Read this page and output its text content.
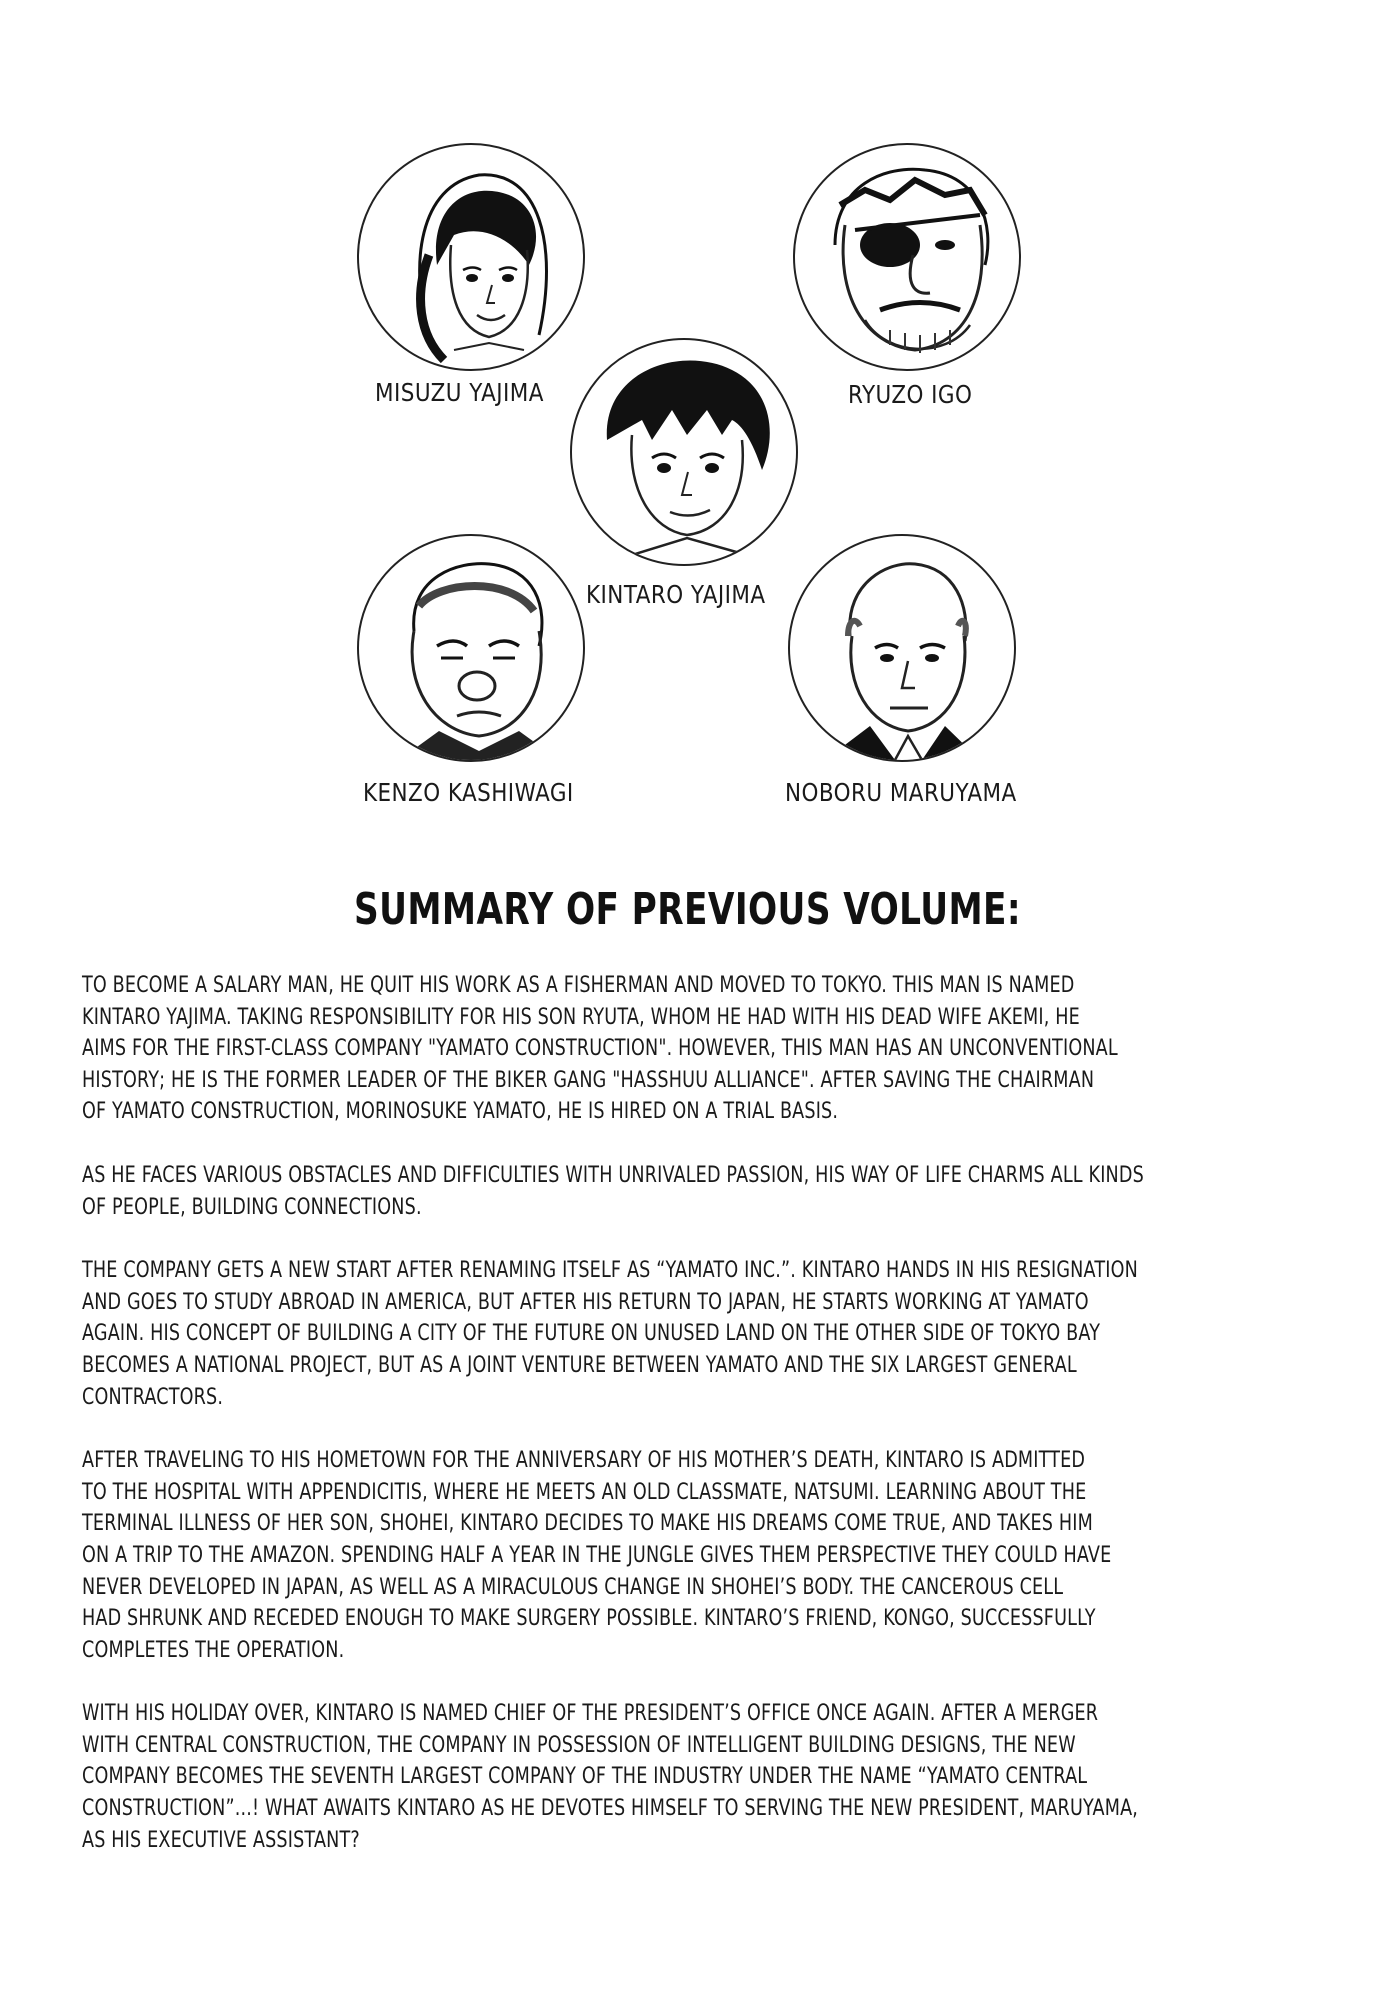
MISUZU YAJIMA	RYUZO IGO
KINTARO YAJIMA
KENZO KASHIWAGI	NOBORU MARUYAMA
SUMMARY OF PREVIOUS VOLUME:

TO BECOME A SALARY MAN, HE QUIT HIS WORK AS A FISHERMAN AND MOVED TO TOKYO. THIS MAN IS NAMED
KINTARO YAJIMA. TAKING RESPONSIBILITY FOR HIS SON RYUTA, WHOM HE HAD WITH HIS DEAD WIFE AKEMI, HE
AIMS FOR THE FIRST-CLASS COMPANY "YAMATO CONSTRUCTION". HOWEVER, THIS MAN HAS AN UNCONVENTIONAL
HISTORY; HE IS THE FORMER LEADER OF THE BIKER GANG "HASSHUU ALLIANCE". AFTER SAVING THE CHAIRMAN
OF YAMATO CONSTRUCTION, MORINOSUKE YAMATO, HE IS HIRED ON A TRIAL BASIS.

AS HE FACES VARIOUS OBSTACLES AND DIFFICULTIES WITH UNRIVALED PASSION, HIS WAY OF LIFE CHARMS ALL KINDS
OF PEOPLE, BUILDING CONNECTIONS.

THE COMPANY GETS A NEW START AFTER RENAMING ITSELF AS “YAMATO INC.”. KINTARO HANDS IN HIS RESIGNATION
AND GOES TO STUDY ABROAD IN AMERICA, BUT AFTER HIS RETURN TO JAPAN, HE STARTS WORKING AT YAMATO
AGAIN. HIS CONCEPT OF BUILDING A CITY OF THE FUTURE ON UNUSED LAND ON THE OTHER SIDE OF TOKYO BAY
BECOMES A NATIONAL PROJECT, BUT AS A JOINT VENTURE BETWEEN YAMATO AND THE SIX LARGEST GENERAL
CONTRACTORS.

AFTER TRAVELING TO HIS HOMETOWN FOR THE ANNIVERSARY OF HIS MOTHER’S DEATH, KINTARO IS ADMITTED
TO THE HOSPITAL WITH APPENDICITIS, WHERE HE MEETS AN OLD CLASSMATE, NATSUMI. LEARNING ABOUT THE
TERMINAL ILLNESS OF HER SON, SHOHEI, KINTARO DECIDES TO MAKE HIS DREAMS COME TRUE, AND TAKES HIM
ON A TRIP TO THE AMAZON. SPENDING HALF A YEAR IN THE JUNGLE GIVES THEM PERSPECTIVE THEY COULD HAVE
NEVER DEVELOPED IN JAPAN, AS WELL AS A MIRACULOUS CHANGE IN SHOHEI’S BODY. THE CANCEROUS CELL
HAD SHRUNK AND RECEDED ENOUGH TO MAKE SURGERY POSSIBLE. KINTARO’S FRIEND, KONGO, SUCCESSFULLY
COMPLETES THE OPERATION.

WITH HIS HOLIDAY OVER, KINTARO IS NAMED CHIEF OF THE PRESIDENT’S OFFICE ONCE AGAIN. AFTER A MERGER
WITH CENTRAL CONSTRUCTION, THE COMPANY IN POSSESSION OF INTELLIGENT BUILDING DESIGNS, THE NEW
COMPANY BECOMES THE SEVENTH LARGEST COMPANY OF THE INDUSTRY UNDER THE NAME “YAMATO CENTRAL
CONSTRUCTION”...! WHAT AWAITS KINTARO AS HE DEVOTES HIMSELF TO SERVING THE NEW PRESIDENT, MARUYAMA,
AS HIS EXECUTIVE ASSISTANT?
